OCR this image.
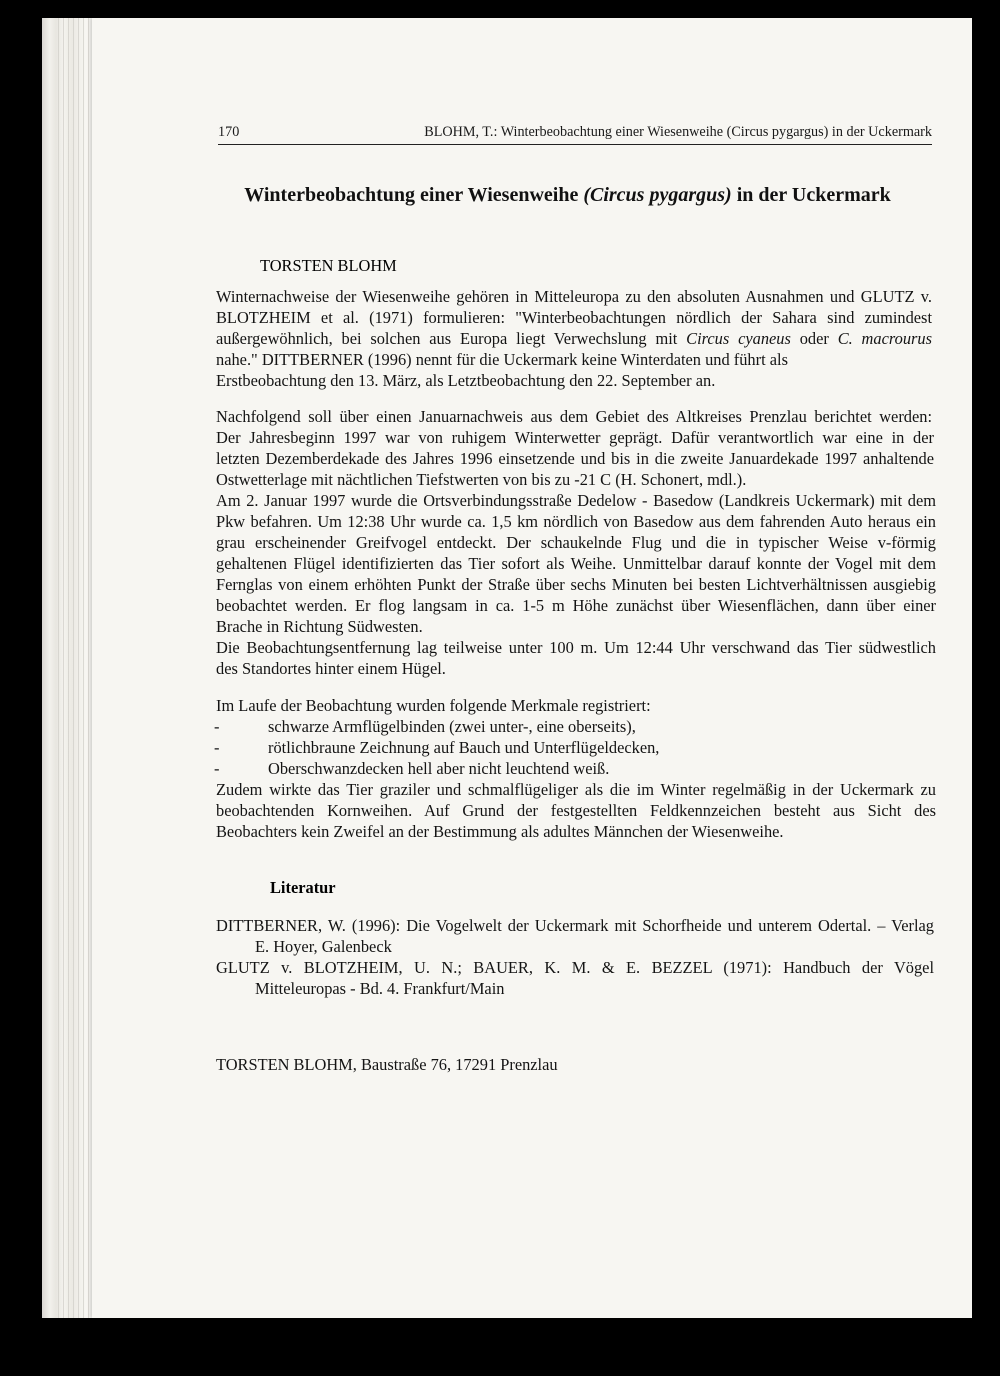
170	BLOHM, T.: Winterbeobachtung einer Wiesenweihe (Circus pygargus) in der Uckermark
Winterbeobachtung einer Wiesenweihe (Circus pygargus) in der Uckermark
TORSTEN BLOHM
Winternachweise der Wiesenweihe gehören in Mitteleuropa zu den absoluten Ausnahmen und GLUTZ v.
BLOTZHEIM et al. (1971) formulieren: "Winterbeobachtungen nördlich der Sahara sind zumindest
außergewöhnlich, bei solchen aus Europa liegt Verwechslung mit Circus cyaneus oder C. macrourus
nahe." DITTBERNER (1996) nennt für die Uckermark keine Winterdaten und führt als
Erstbeobachtung den 13. März, als Letztbeobachtung den 22. September an.
Nachfolgend soll über einen Januarnachweis aus dem Gebiet des Altkreises Prenzlau berichtet werden:
Der Jahresbeginn 1997 war von ruhigem Winterwetter geprägt. Dafür verantwortlich war eine in der
letzten Dezemberdekade des Jahres 1996 einsetzende und bis in die zweite Januardekade 1997 anhaltende
Ostwetterlage mit nächtlichen Tiefstwerten von bis zu -21 C (H. Schonert, mdl.).
Am 2. Januar 1997 wurde die Ortsverbindungsstraße Dedelow - Basedow (Landkreis Uckermark) mit dem
Pkw befahren. Um 12:38 Uhr wurde ca. 1,5 km nördlich von Basedow aus dem fahrenden Auto heraus ein
grau erscheinender Greifvogel entdeckt. Der schaukelnde Flug und die in typischer Weise v-förmig
gehaltenen Flügel identifizierten das Tier sofort als Weihe. Unmittelbar darauf konnte der Vogel mit dem
Fernglas von einem erhöhten Punkt der Straße über sechs Minuten bei besten Lichtverhältnissen ausgiebig
beobachtet werden. Er flog langsam in ca. 1-5 m Höhe zunächst über Wiesenflächen, dann über einer
Brache in Richtung Südwesten.
Die Beobachtungsentfernung lag teilweise unter 100 m. Um 12:44 Uhr verschwand das Tier südwestlich
des Standortes hinter einem Hügel.
Im Laufe der Beobachtung wurden folgende Merkmale registriert:
-	schwarze Armflügelbinden (zwei unter-, eine oberseits),
-	rötlichbraune Zeichnung auf Bauch und Unterflügeldecken,
-	Oberschwanzdecken hell aber nicht leuchtend weiß.
Zudem wirkte das Tier graziler und schmalflügeliger als die im Winter regelmäßig in der Uckermark zu
beobachtenden Kornweihen. Auf Grund der festgestellten Feldkennzeichen besteht aus Sicht des
Beobachters kein Zweifel an der Bestimmung als adultes Männchen der Wiesenweihe.
Literatur
DITTBERNER, W. (1996): Die Vogelwelt der Uckermark mit Schorfheide und unterem Odertal. – Verlag
E. Hoyer, Galenbeck
GLUTZ v. BLOTZHEIM, U. N.; BAUER, K. M. & E. BEZZEL (1971): Handbuch der Vögel
Mitteleuropas - Bd. 4. Frankfurt/Main
TORSTEN BLOHM, Baustraße 76, 17291 Prenzlau
